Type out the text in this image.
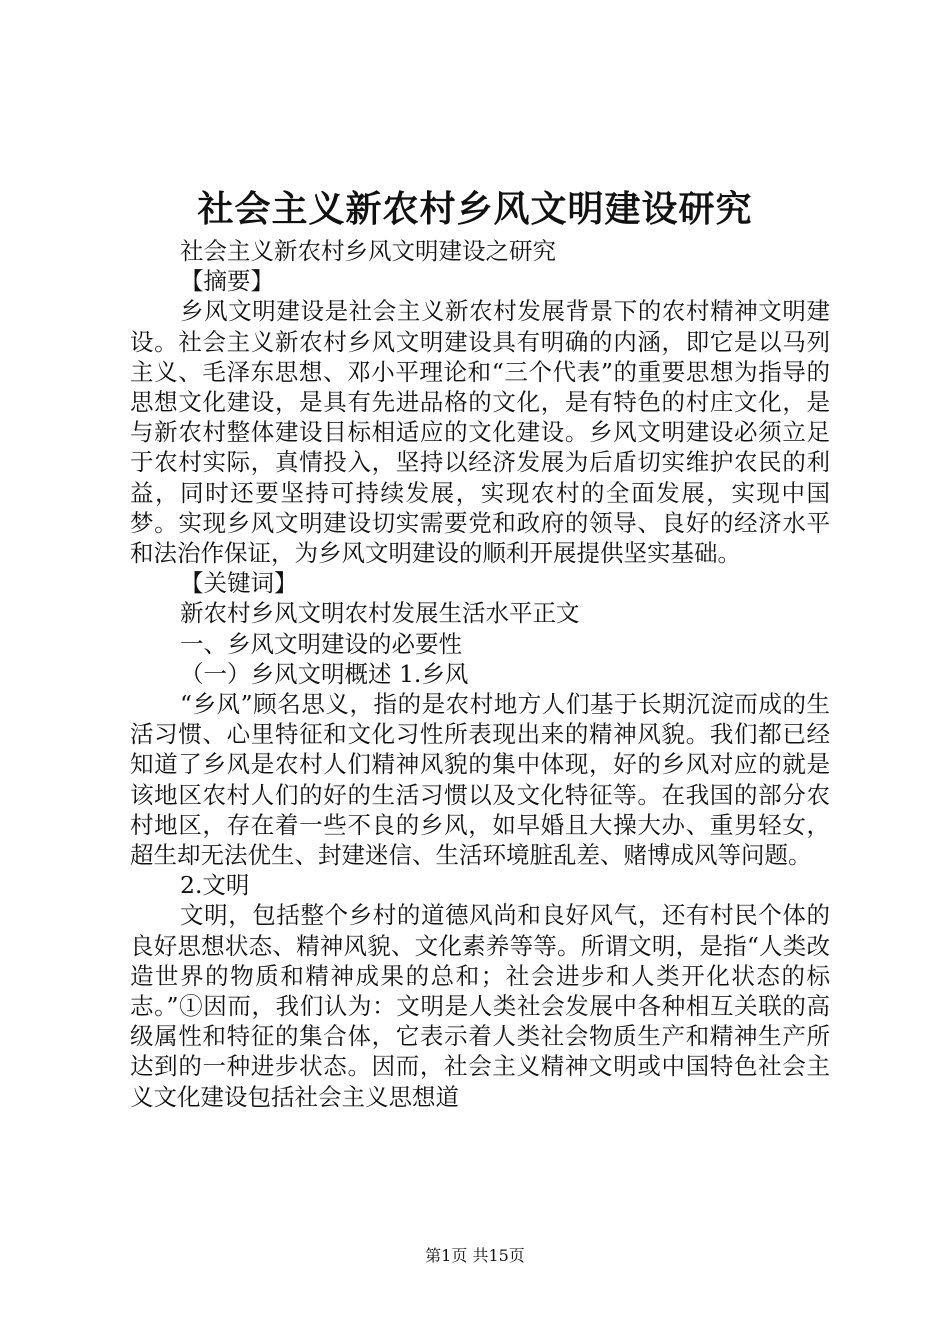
社会主义新农村乡风文明建设研究

社会主义新农村乡风文明建设之研究

【摘要】

乡风文明建设是社会主义新农村发展背景下的农村精神文明建设。社会主义新农村乡风文明建设具有明确的内涵，即它是以马列主义、毛泽东思想、邓小平理论和“三个代表”的重要思想为指导的思想文化建设，是具有先进品格的文化，是有特色的村庄文化，是与新农村整体建设目标相适应的文化建设。乡风文明建设必须立足于农村实际，真情投入，坚持以经济发展为后盾切实维护农民的利益，同时还要坚持可持续发展，实现农村的全面发展，实现中国梦。实现乡风文明建设切实需要党和政府的领导、良好的经济水平和法治作保证，为乡风文明建设的顺利开展提供坚实基础。

【关键词】

新农村乡风文明农村发展生活水平正文

一、乡风文明建设的必要性

（一）乡风文明概述 1.乡风

“乡风”顾名思义，指的是农村地方人们基于长期沉淀而成的生活习惯、心里特征和文化习性所表现出来的精神风貌。我们都已经知道了乡风是农村人们精神风貌的集中体现，好的乡风对应的就是该地区农村人们的好的生活习惯以及文化特征等。在我国的部分农村地区，存在着一些不良的乡风，如早婚且大操大办、重男轻女，超生却无法优生、封建迷信、生活环境脏乱差、赌博成风等问题。

2.文明

文明，包括整个乡村的道德风尚和良好风气，还有村民个体的良好思想状态、精神风貌、文化素养等等。所谓文明，是指“人类改造世界的物质和精神成果的总和；社会进步和人类开化状态的标志。”①因而，我们认为：文明是人类社会发展中各种相互关联的高级属性和特征的集合体，它表示着人类社会物质生产和精神生产所达到的一种进步状态。因而，社会主义精神文明或中国特色社会主义文化建设包括社会主义思想道

第1页 共15页
